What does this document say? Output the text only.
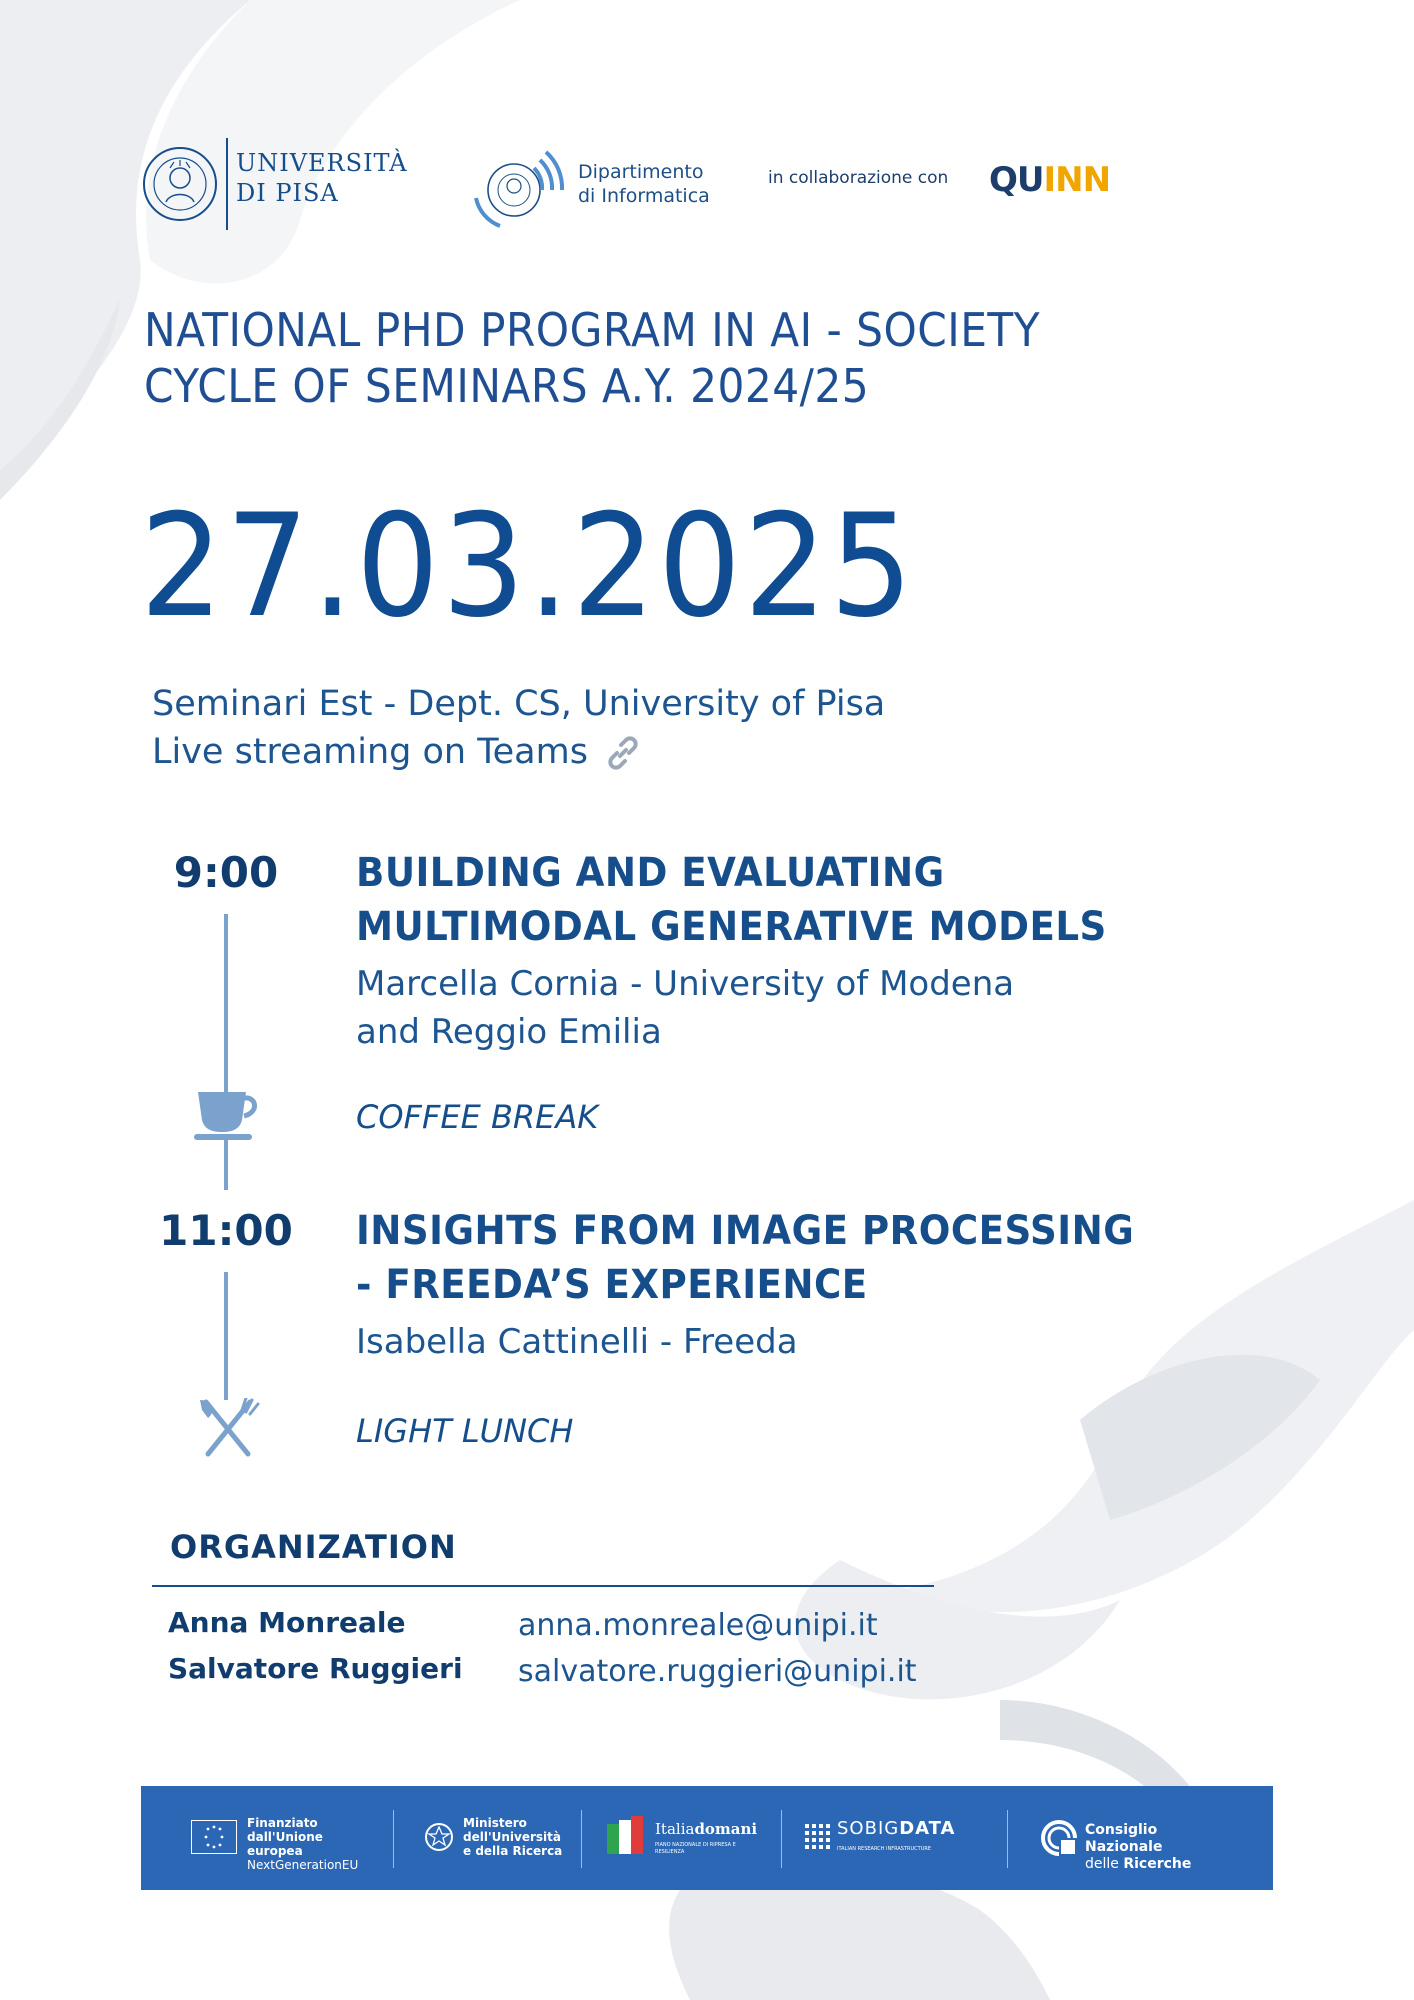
UNIVERSITÀ
DI PISA
Dipartimento
di Informatica
in collaborazione con QUINN
NATIONAL PHD PROGRAM IN AI - SOCIETY
CYCLE OF SEMINARS A.Y. 2024/25
27.03.2025
Seminari Est - Dept. CS, University of Pisa
Live streaming on Teams
9:00	BUILDING AND EVALUATING
MULTIMODAL GENERATIVE MODELS
Marcella Cornia - University of Modena
and Reggio Emilia
COFFEE BREAK
11:00	INSIGHTS FROM IMAGE PROCESSING
- FREEDA’S EXPERIENCE
Isabella Cattinelli - Freeda
LIGHT LUNCH
ORGANIZATION
Anna Monreale	anna.monreale@unipi.it
Salvatore Ruggieri salvatore.ruggieri@unipi.it
Finanziato
dall'Unione europea
NextGenerationEU
Ministero
dell'Università
e della Ricerca
Italiadomani
PIANO NAZIONALE DI RIPRESA E RESILIENZA
SOBIGDATA
ITALIAN RESEARCH INFRASTRUCTURE
Consiglio Nazionale
delle Ricerche
